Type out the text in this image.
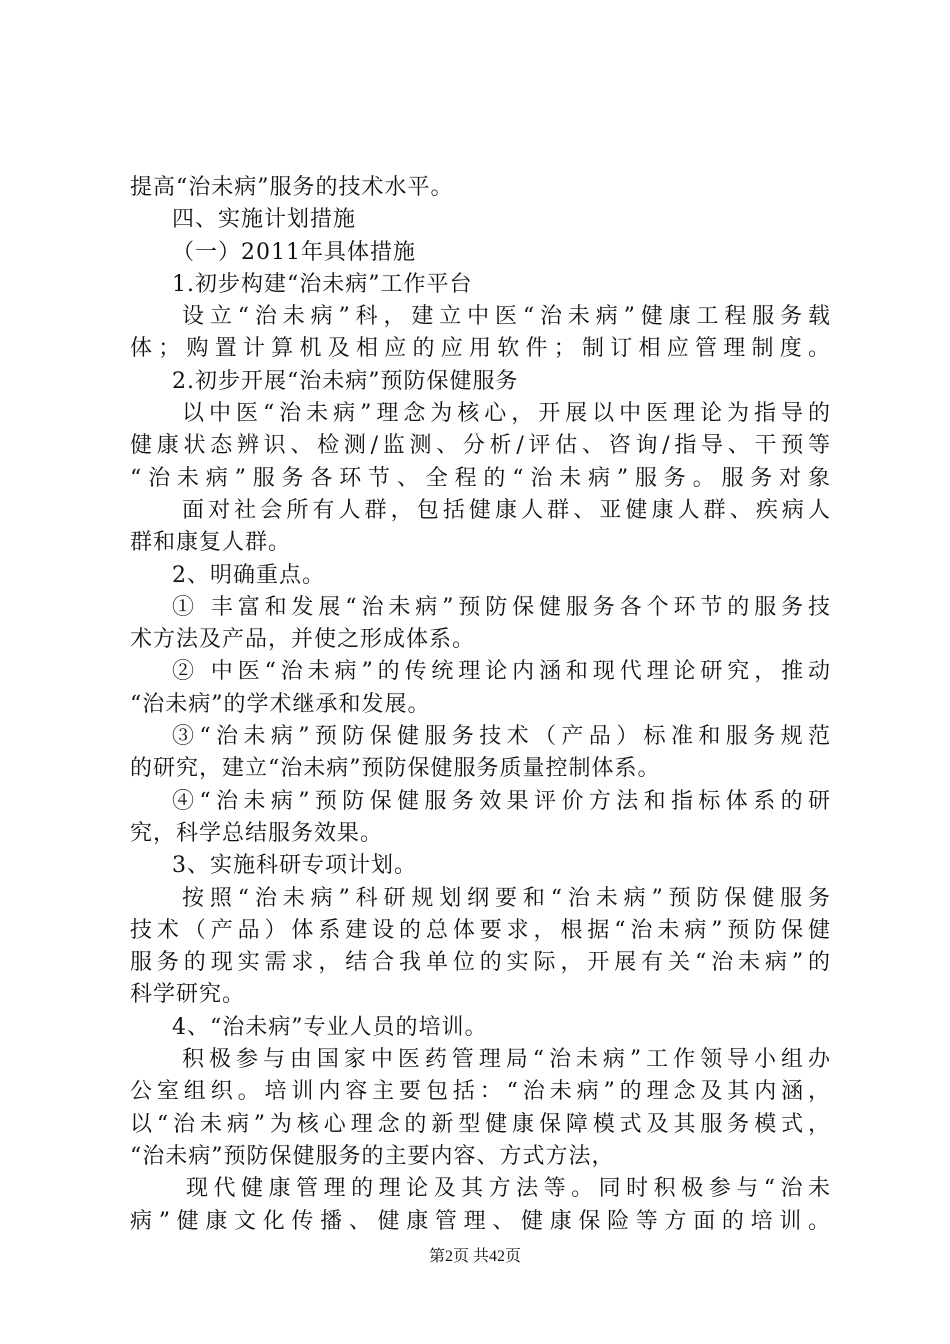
提高“治未病”服务的技术水平。
四、实施计划措施
（一）2011年具体措施
1.初步构建“治未病”工作平台
设立“治未病”科，建立中医“治未病”健康工程服务载
体；购置计算机及相应的应用软件；制订相应管理制度。
2.初步开展“治未病”预防保健服务
以中医“治未病”理念为核心，开展以中医理论为指导的
健康状态辨识、检测/监测、分析/评估、咨询/指导、干预等
“治未病”服务各环节、全程的“治未病”服务。服务对象
面对社会所有人群，包括健康人群、亚健康人群、疾病人
群和康复人群。
2、明确重点。
① 丰富和发展“治未病”预防保健服务各个环节的服务技
术方法及产品，并使之形成体系。
② 中医“治未病”的传统理论内涵和现代理论研究，推动
“治未病”的学术继承和发展。
③“治未病”预防保健服务技术（产品）标准和服务规范
的研究，建立“治未病”预防保健服务质量控制体系。
④“治未病”预防保健服务效果评价方法和指标体系的研
究，科学总结服务效果。
3、实施科研专项计划。
按照“治未病”科研规划纲要和“治未病”预防保健服务
技术（产品）体系建设的总体要求，根据“治未病”预防保健
服务的现实需求，结合我单位的实际，开展有关“治未病”的
科学研究。
4、“治未病”专业人员的培训。
积极参与由国家中医药管理局“治未病”工作领导小组办
公室组织。培训内容主要包括：“治未病”的理念及其内涵，
以“治未病”为核心理念的新型健康保障模式及其服务模式，
“治未病”预防保健服务的主要内容、方式方法，
现代健康管理的理论及其方法等。同时积极参与“治未
病”健康文化传播、健康管理、健康保险等方面的培训。
第2页 共42页
